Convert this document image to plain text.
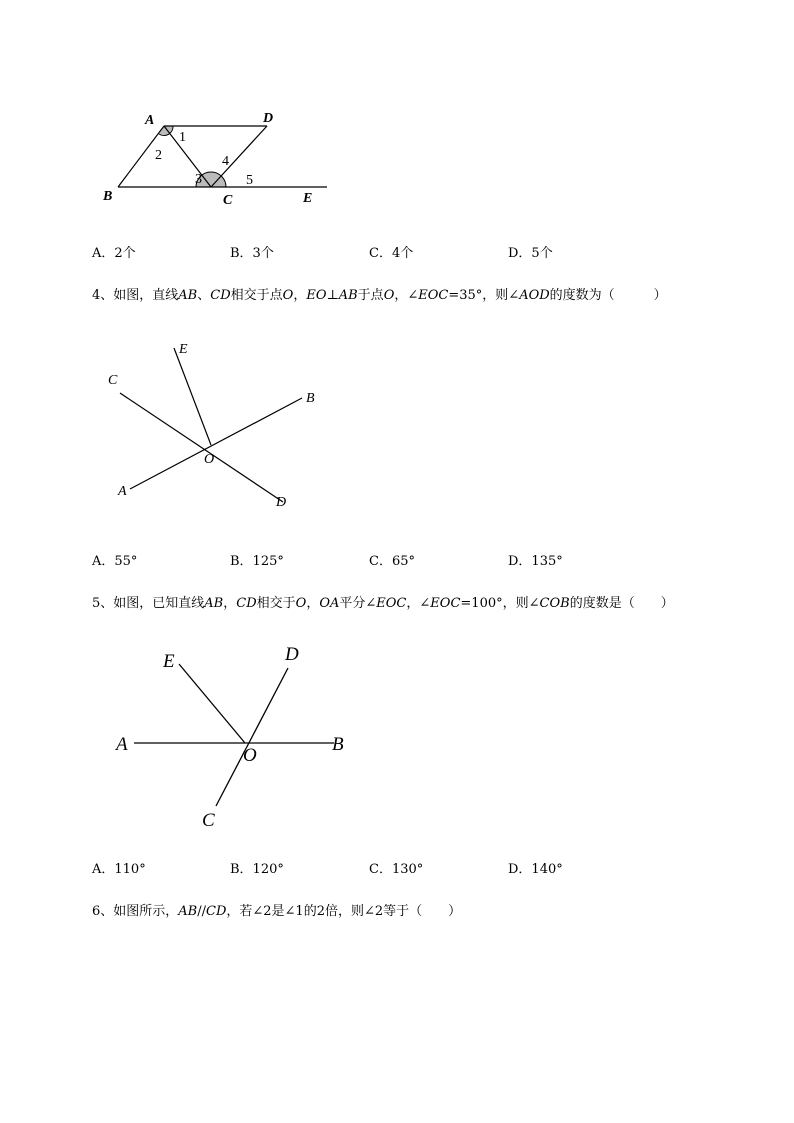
A	D
B	C	E
1
2
3
4
5
A．2个	B．3个	C．4个	D．5个
4、如图，直线AB、CD相交于点O，EO⊥AB于点O，∠EOC=35°，则∠AOD的度数为（　　　）
E
C
B
O
A
D
A．55°	B．125°	C．65°	D．135°
5、如图，已知直线AB，CD相交于O，OA平分∠EOC，∠EOC=100°，则∠COB的度数是（　　）
E	D
A
O
B
C
A．110°	B．120°	C．130°	D．140°
6、如图所示，AB//CD，若∠2是∠1的2倍，则∠2等于（　　）
